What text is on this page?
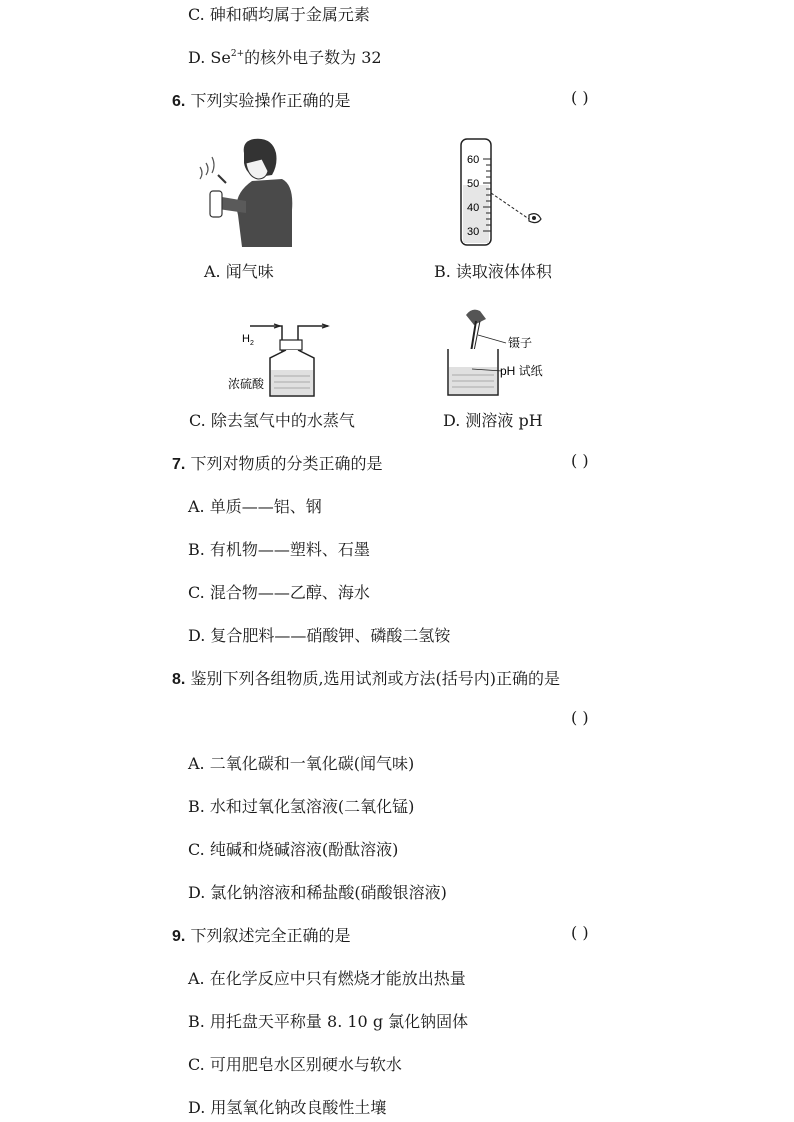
C. 砷和硒均属于金属元素
D. $Se^{2+}$的核外电子数为 32
6. 下列实验操作正确的是	( )
A. 闻气味
60
50
40
30
B. 读取液体体积
$H_2$
浓硫酸
C. 除去氢气中的水蒸气
镊子
pH 试纸
D. 测溶液 pH
7. 下列对物质的分类正确的是	( )
A. 单质——铝、钢
B. 有机物——塑料、石墨
C. 混合物——乙醇、海水
D. 复合肥料——硝酸钾、磷酸二氢铵
8. 鉴别下列各组物质,选用试剂或方法(括号内)正确的是
( )
A. 二氧化碳和一氧化碳(闻气味)
B. 水和过氧化氢溶液(二氧化锰)
C. 纯碱和烧碱溶液(酚酞溶液)
D. 氯化钠溶液和稀盐酸(硝酸银溶液)
9. 下列叙述完全正确的是	( )
A. 在化学反应中只有燃烧才能放出热量
B. 用托盘天平称量 8. 10 g 氯化钠固体
C. 可用肥皂水区别硬水与软水
D. 用氢氧化钠改良酸性土壤
